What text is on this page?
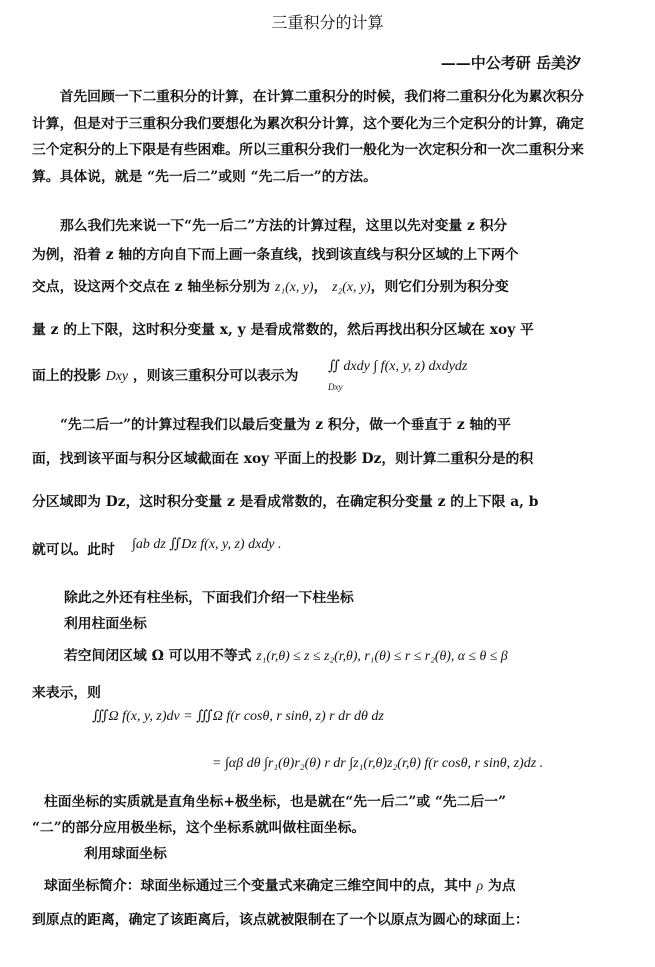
三重积分的计算
——中公考研 岳美汐

首先回顾一下二重积分的计算，在计算二重积分的时候，我们将二重积分化为累次积分计算，但是对于三重积分我们要想化为累次积分计算，这个要化为三个定积分的计算，确定三个定积分的上下限是有些困难。所以三重积分我们一般化为一次定积分和一次二重积分来算。具体说，就是 “先一后二”或则 “先二后一”的方法。

那么我们先来说一下“先一后二”方法的计算过程，这里以先对变量 z 积分
为例，沿着 z 轴的方向自下而上画一条直线，找到该直线与积分区域的上下两个
交点，设这两个交点在 z 轴坐标分别为 z₁(x, y)， z₂(x, y)，则它们分别为积分变
量 z 的上下限，这时积分变量 x, y 是看成常数的，然后再找出积分区域在 xoy 平
面上的投影 Dxy ，则该三重积分可以表示为
∬ dxdy ∫ f(x, y, z) dxdydz
Dxy
“先二后一”的计算过程我们以最后变量为 z 积分，做一个垂直于 z 轴的平
面，找到该平面与积分区域截面在 xoy 平面上的投影 Dz，则计算二重积分是的积
分区域即为 Dz，这时积分变量 z 是看成常数的，在确定积分变量 z 的上下限 a, b
就可以。此时 ∫ab dz ∬Dz f(x, y, z) dxdy .
除此之外还有柱坐标，下面我们介绍一下柱坐标
利用柱面坐标
若空间闭区域 Ω 可以用不等式 z₁(r,θ) ≤ z ≤ z₂(r,θ), r₁(θ) ≤ r ≤ r₂(θ), α ≤ θ ≤ β
来表示，则
∭Ω f(x, y, z)dv = ∭Ω f(r cosθ, r sinθ, z) r dr dθ dz
= ∫αβ dθ ∫r₁(θ)r₂(θ) r dr ∫z₁(r,θ)z₂(r,θ) f(r cosθ, r sinθ, z)dz .
柱面坐标的实质就是直角坐标+极坐标，也是就在“先一后二”或 “先二后一”
“二”的部分应用极坐标，这个坐标系就叫做柱面坐标。
利用球面坐标
球面坐标简介：球面坐标通过三个变量式来确定三维空间中的点，其中 ρ 为点
到原点的距离，确定了该距离后，该点就被限制在了一个以原点为圆心的球面上：
